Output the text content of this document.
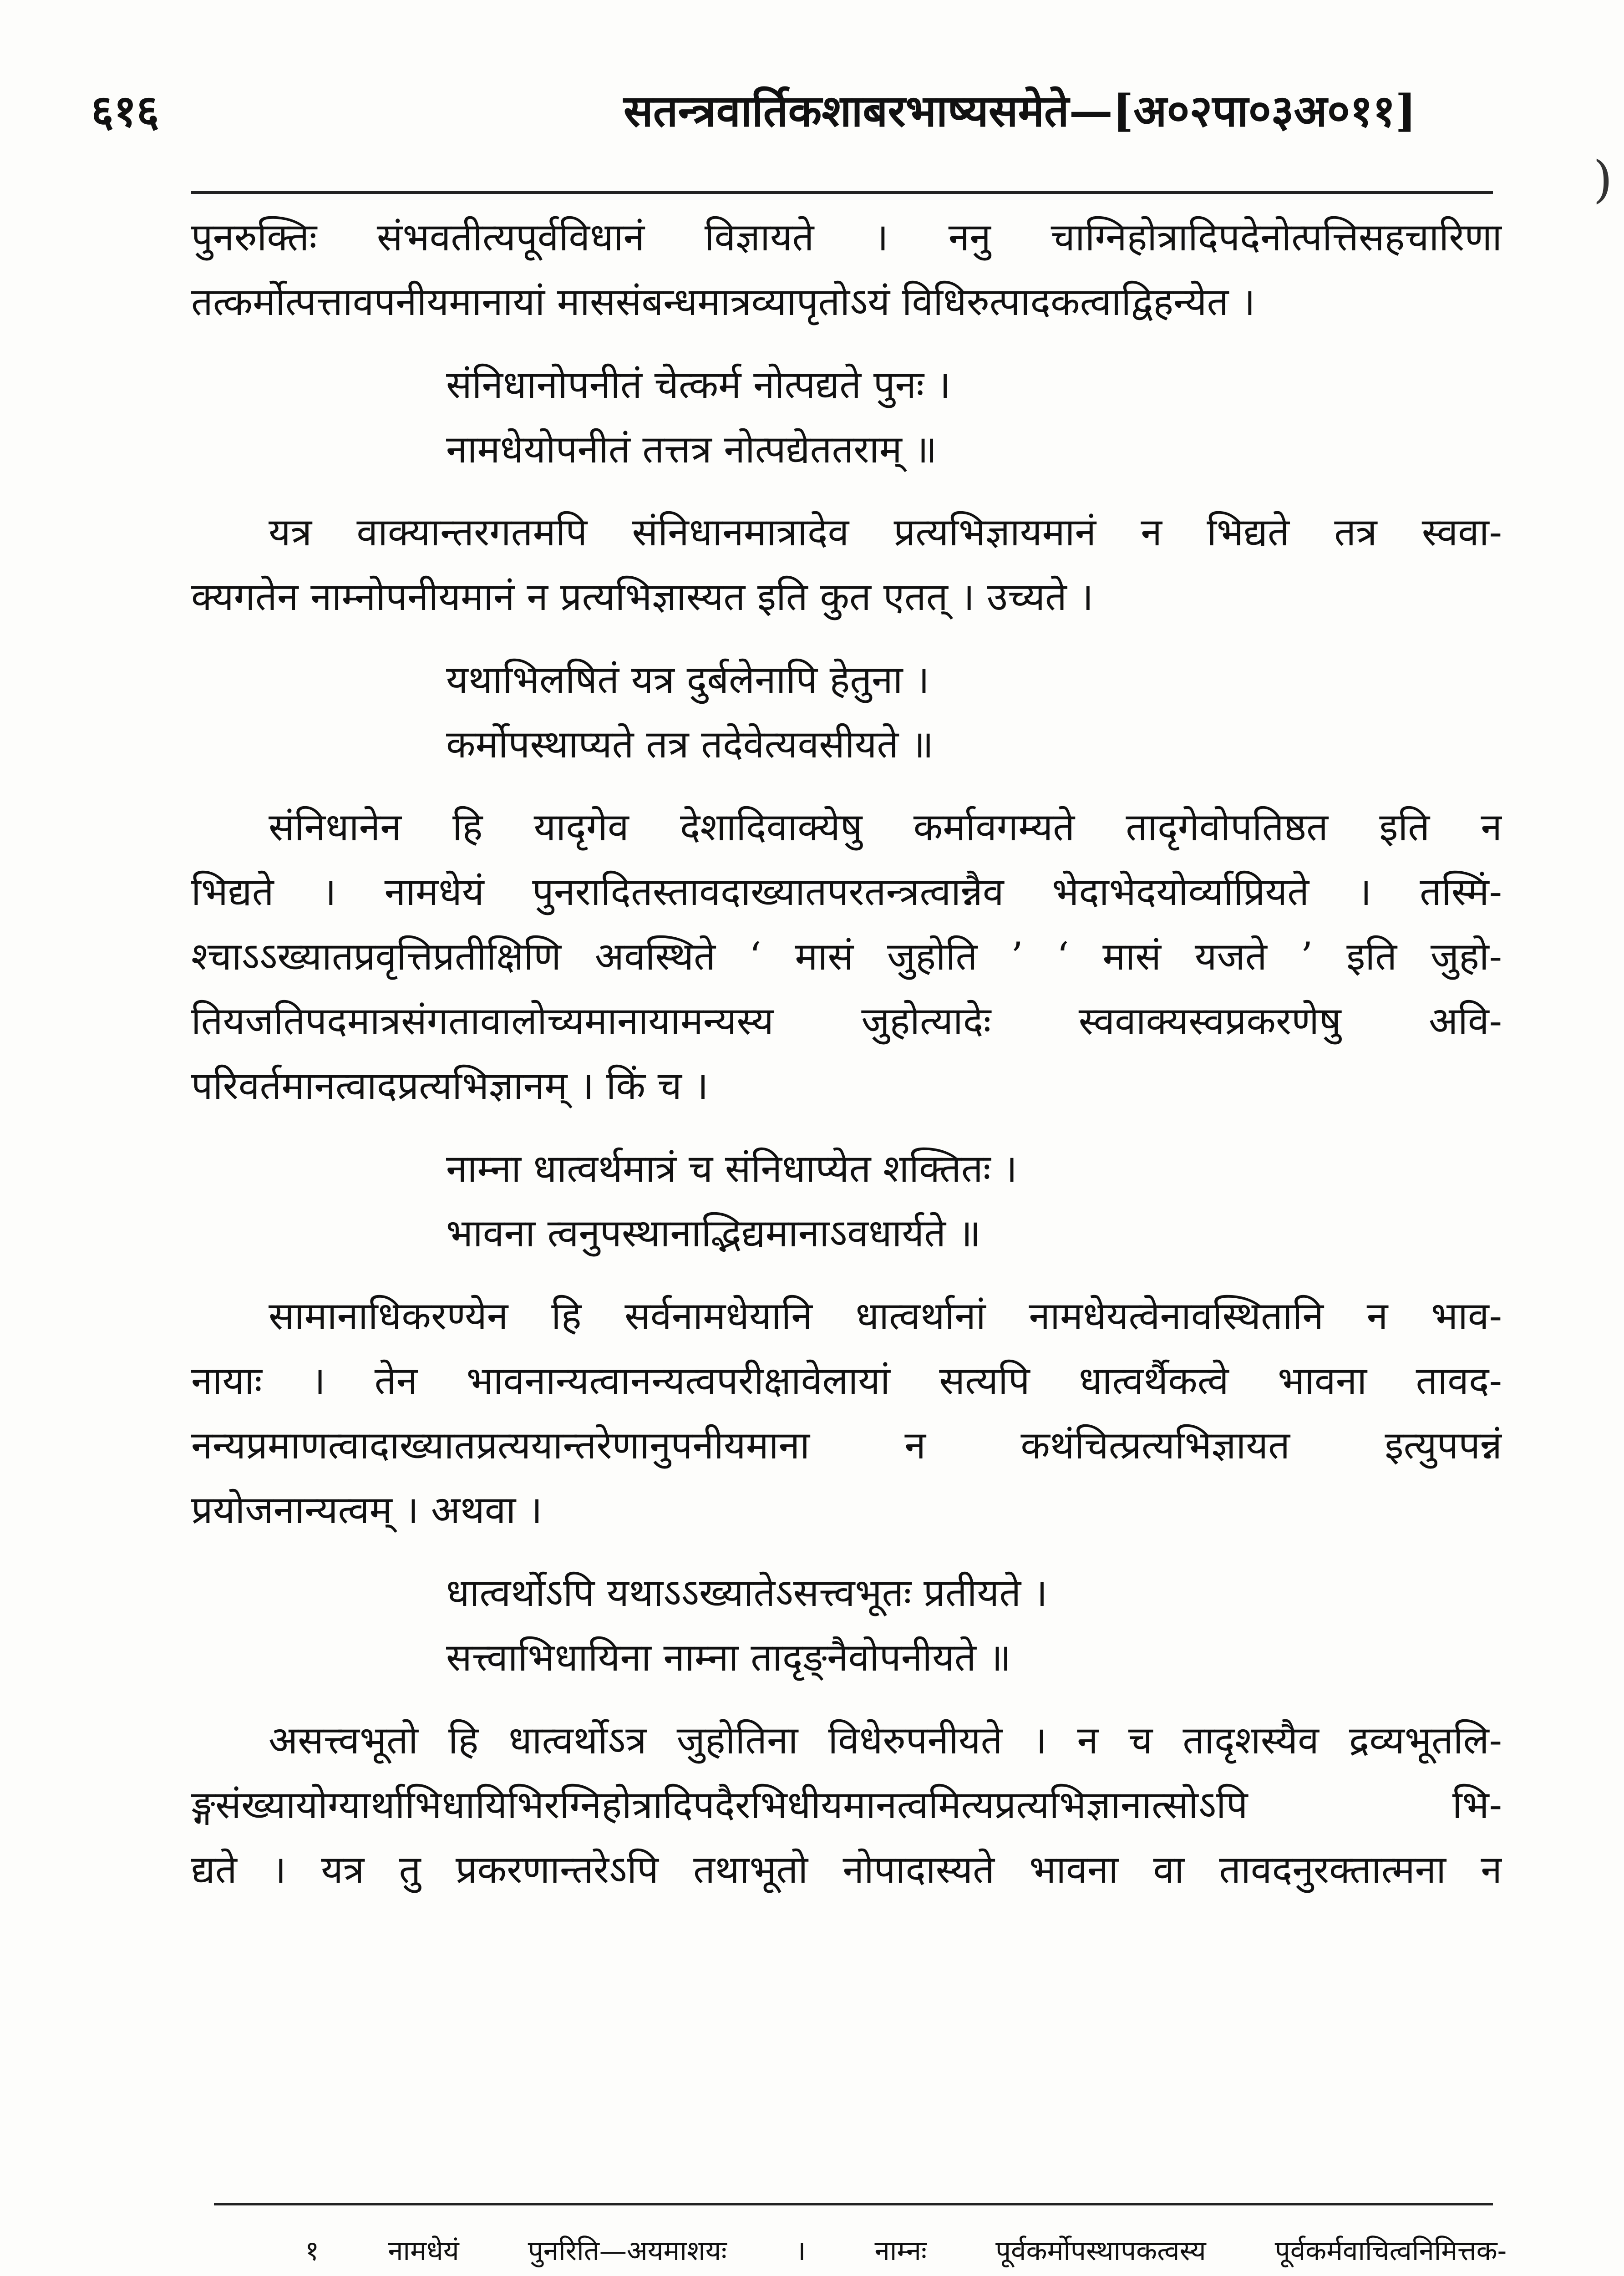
६१६	सतन्त्रवार्तिकशाबरभाष्यसमेते—[अ०२पा०३अ०११]
)
पुनरुक्तिः संभवतीत्यपूर्वविधानं विज्ञायते । ननु चाग्निहोत्रादिपदेनोत्पत्तिसहचारिणा
तत्कर्मोत्पत्तावपनीयमानायां माससंबन्धमात्रव्यापृतोऽयं विधिरुत्पादकत्वाद्विहन्येत ।
संनिधानोपनीतं चेत्कर्म नोत्पद्यते पुनः ।
नामधेयोपनीतं तत्तत्र नोत्पद्येततराम् ॥
यत्र वाक्यान्तरगतमपि संनिधानमात्रादेव प्रत्यभिज्ञायमानं न भिद्यते तत्र स्ववा-
क्यगतेन नाम्नोपनीयमानं न प्रत्यभिज्ञास्यत इति कुत एतत् । उच्यते ।
यथाभिलषितं यत्र दुर्बलेनापि हेतुना ।
कर्मोपस्थाप्यते तत्र तदेवेत्यवसीयते ॥
संनिधानेन हि यादृगेव देशादिवाक्येषु कर्मावगम्यते तादृगेवोपतिष्ठत इति न
भिद्यते । नामधेयं पुनरादितस्तावदाख्यातपरतन्त्रत्वान्नैव भेदाभेदयोर्व्याप्रियते । तस्मिं-
श्चाऽऽख्यातप्रवृत्तिप्रतीक्षिणि अवस्थिते ‘ मासं जुहोति ’ ‘ मासं यजते ’ इति जुहो-
तियजतिपदमात्रसंगतावालोच्यमानायामन्यस्य जुहोत्यादेः स्ववाक्यस्वप्रकरणेषु अवि-
परिवर्तमानत्वादप्रत्यभिज्ञानम् । किं च ।
नाम्ना धात्वर्थमात्रं च संनिधाप्येत शक्तितः ।
भावना त्वनुपस्थानाद्भिद्यमानाऽवधार्यते ॥
सामानाधिकरण्येन हि सर्वनामधेयानि धात्वर्थानां नामधेयत्वेनावस्थितानि न भाव-
नायाः । तेन भावनान्यत्वानन्यत्वपरीक्षावेलायां सत्यपि धात्वर्थैकत्वे भावना तावद-
नन्यप्रमाणत्वादाख्यातप्रत्ययान्तरेणानुपनीयमाना न कथंचित्प्रत्यभिज्ञायत इत्युपपन्नं
प्रयोजनान्यत्वम् । अथवा ।
धात्वर्थोऽपि यथाऽऽख्यातेऽसत्त्वभूतः प्रतीयते ।
सत्त्वाभिधायिना नाम्ना तादृङ्नैवोपनीयते ॥
असत्त्वभूतो हि धात्वर्थोऽत्र जुहोतिना विधेरुपनीयते । न च तादृशस्यैव द्रव्यभूतलि-
ङ्गसंख्यायोग्यार्थाभिधायिभिरग्निहोत्रादिपदैरभिधीयमानत्वमित्यप्रत्यभिज्ञानात्सोऽपि भि-
द्यते । यत्र तु प्रकरणान्तरेऽपि तथाभूतो नोपादास्यते भावना वा तावदनुरक्तात्मना न
१ नामधेयं पुनरिति—अयमाशयः । नाम्नः पूर्वकर्मोपस्थापकत्वस्य पूर्वकर्मवाचित्वनिमित्तक-
